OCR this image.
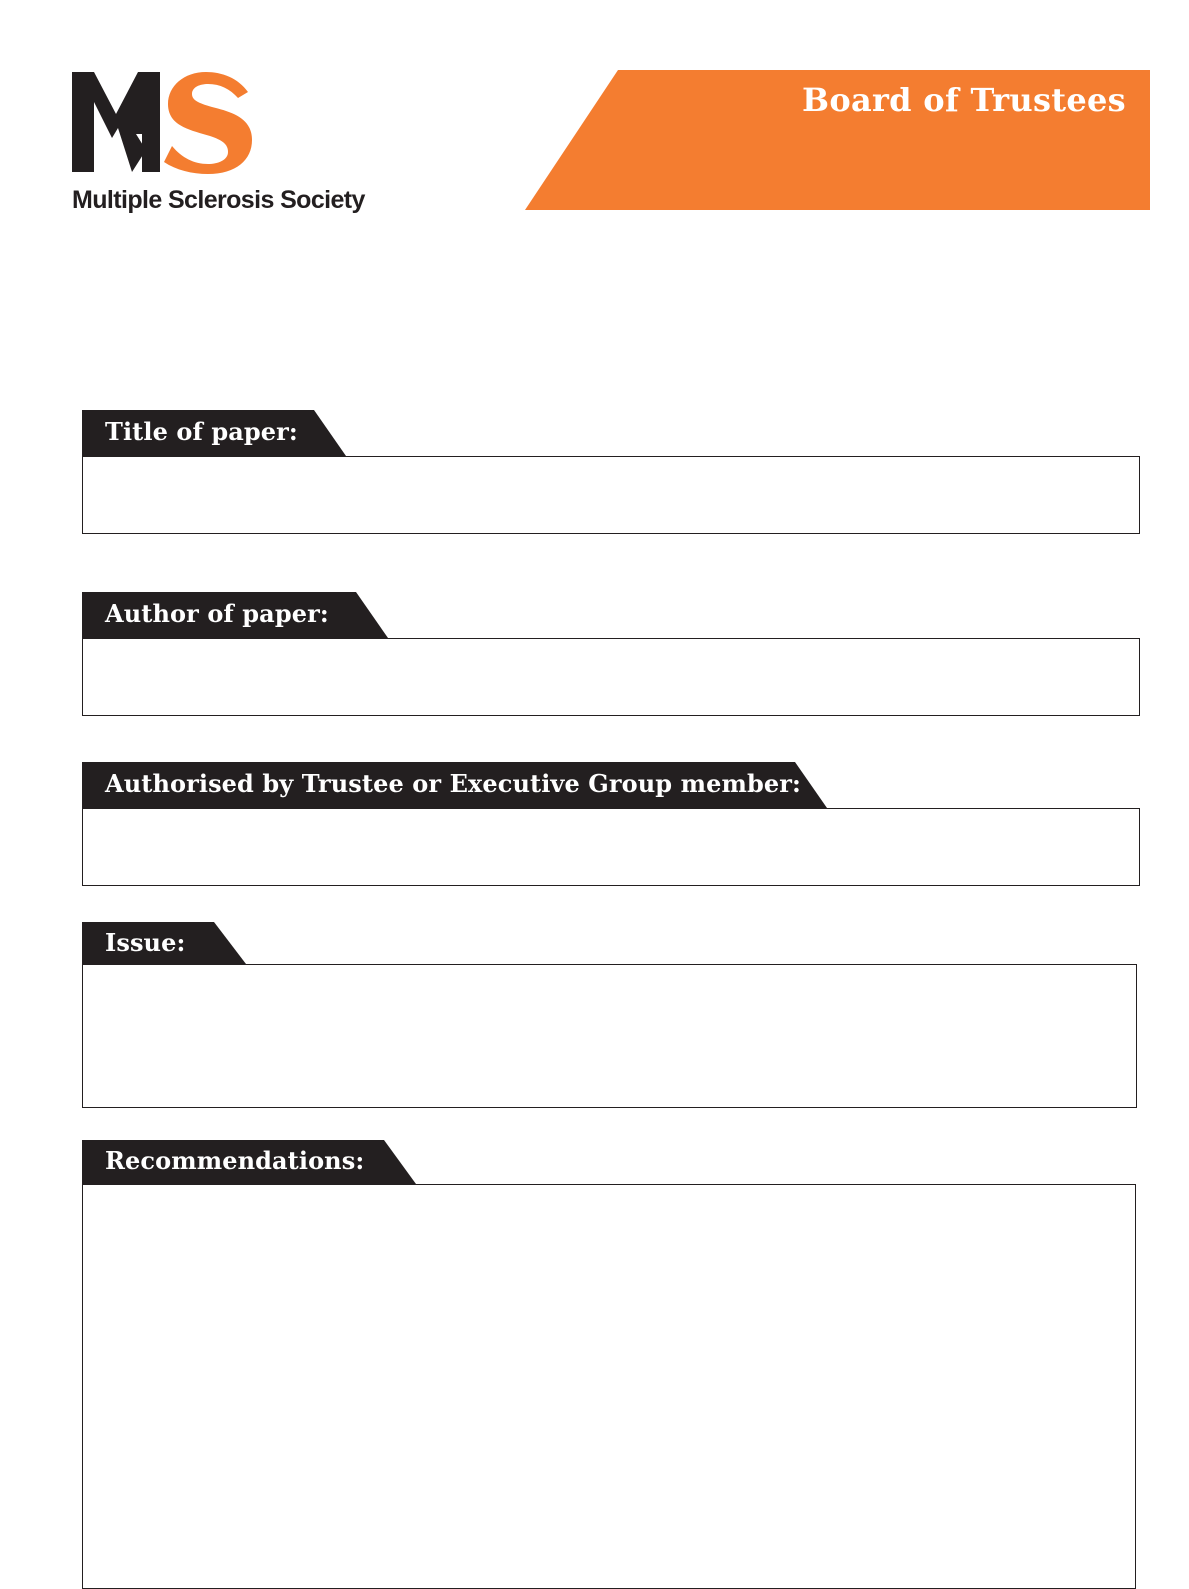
Multiple Sclerosis Society
Board of Trustees
Title of paper:
Author of paper:
Authorised by Trustee or Executive Group member:
Issue:
Recommendations:
